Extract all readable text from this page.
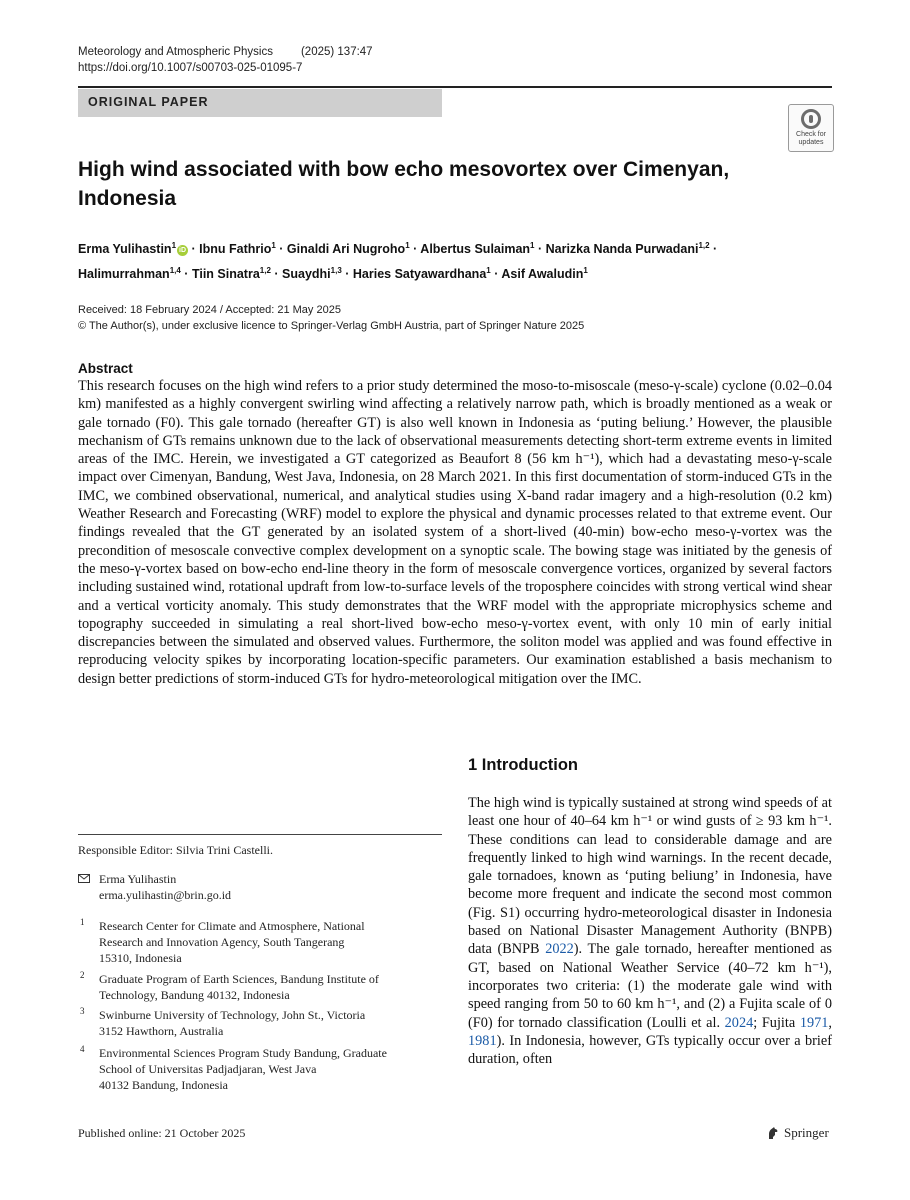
Meteorology and Atmospheric Physics (2025) 137:47
https://doi.org/10.1007/s00703-025-01095-7
ORIGINAL PAPER
Check for
updates
High wind associated with bow echo mesovortex over Cimenyan, Indonesia
Erma Yulihastin$^1$iD · Ibnu Fathrio$^1$ · Ginaldi Ari Nugroho$^1$ · Albertus Sulaiman$^1$ · Narizka Nanda Purwadani$^{1,2}$ ·
Halimurrahman$^{1,4}$ · Tiin Sinatra$^{1,2}$ · Suaydhi$^{1,3}$ · Haries Satyawardhana$^1$ · Asif Awaludin$^1$
Received: 18 February 2024 / Accepted: 21 May 2025
© The Author(s), under exclusive licence to Springer-Verlag GmbH Austria, part of Springer Nature 2025
Abstract

This research focuses on the high wind refers to a prior study determined the moso-to-misoscale (meso-γ-scale) cyclone (0.02–0.04 km) manifested as a highly convergent swirling wind affecting a relatively narrow path, which is broadly mentioned as a weak or gale tornado (F0). This gale tornado (hereafter GT) is also well known in Indonesia as ‘puting beliung.’ However, the plausible mechanism of GTs remains unknown due to the lack of observational measurements detecting short-term extreme events in limited areas of the IMC. Herein, we investigated a GT categorized as Beaufort 8 (56 km h⁻¹), which had a devastating meso-γ-scale impact over Cimenyan, Bandung, West Java, Indonesia, on 28 March 2021. In this first documentation of storm-induced GTs in the IMC, we combined observational, numerical, and analytical studies using X-band radar imagery and a high-resolution (0.2 km) Weather Research and Forecasting (WRF) model to explore the physical and dynamic processes related to that extreme event. Our findings revealed that the GT generated by an isolated system of a short-lived (40-min) bow-echo meso-γ-vortex was the precondition of mesoscale convective complex development on a synoptic scale. The bowing stage was initiated by the genesis of the meso-γ-vortex based on bow-echo end-line theory in the form of mesoscale convergence vortices, organized by several factors including sustained wind, rotational updraft from low-to-surface levels of the troposphere coincides with strong vertical wind shear and a vertical vorticity anomaly. This study demonstrates that the WRF model with the appropriate microphysics scheme and topography succeeded in simulating a real short-lived bow-echo meso-γ-vortex event, with only 10 min of early initial discrepancies between the simulated and observed values. Furthermore, the soliton model was applied and was found effective in reproducing velocity spikes by incorporating location-specific parameters. Our examination established a basis mechanism to design better predictions of storm-induced GTs for hydro-meteorological mitigation over the IMC.

1 Introduction

The high wind is typically sustained at strong wind speeds of at least one hour of 40–64 km h⁻¹ or wind gusts of ≥ 93 km h⁻¹. These conditions can lead to considerable damage and are frequently linked to high wind warnings. In the recent decade, gale tornadoes, known as ‘puting beliung’ in Indonesia, have become more frequent and indicate the second most common (Fig. S1) occurring hydro-meteorological disaster in Indonesia based on National Disaster Management Authority (BNPB) data (BNPB 2022). The gale tornado, hereafter mentioned as GT, based on National Weather Service (40–72 km h⁻¹), incorporates two criteria: (1) the moderate gale wind with speed ranging from 50 to 60 km h⁻¹, and (2) a Fujita scale of 0 (F0) for tornado classification (Loulli et al. 2024; Fujita 1971, 1981). In Indonesia, however, GTs typically occur over a brief duration, often

Responsible Editor: Silvia Trini Castelli.
Erma Yulihastin
erma.yulihastin@brin.go.id
1 Research Center for Climate and Atmosphere, National
Research and Innovation Agency, South Tangerang
15310, Indonesia
2 Graduate Program of Earth Sciences, Bandung Institute of
Technology, Bandung 40132, Indonesia
3 Swinburne University of Technology, John St., Victoria
3152 Hawthorn, Australia
4 Environmental Sciences Program Study Bandung, Graduate
School of Universitas Padjadjaran, West Java
40132 Bandung, Indonesia
Published online: 21 October 2025	Springer
